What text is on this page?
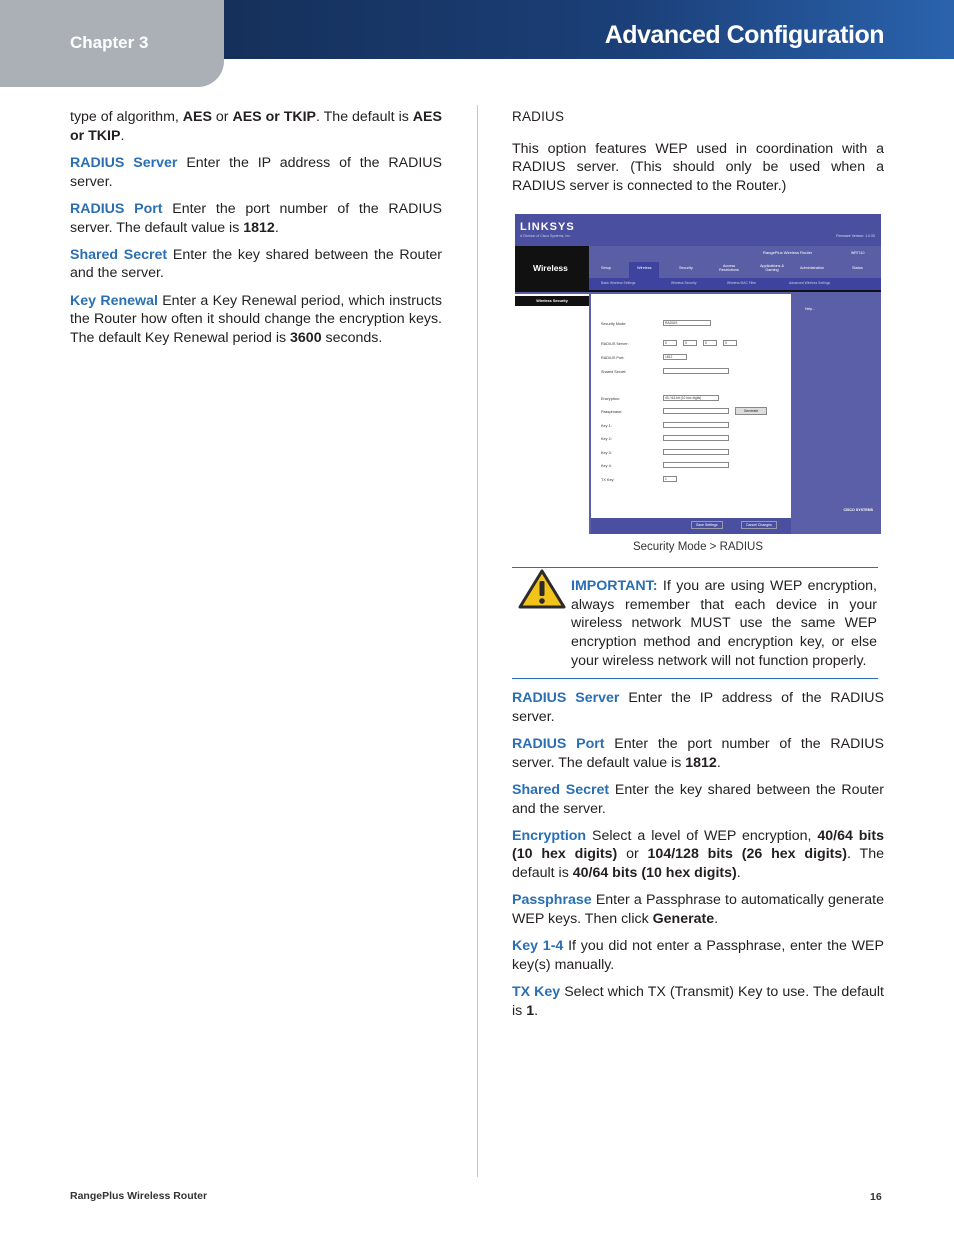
Chapter 3	Advanced Configuration

type of algorithm, AES or AES or TKIP. The default is AES or TKIP.

RADIUS Server Enter the IP address of the RADIUS server.

RADIUS Port Enter the port number of the RADIUS server. The default value is 1812.

Shared Secret Enter the key shared between the Router and the server.

Key Renewal Enter a Key Renewal period, which instructs the Router how often it should change the encryption keys. The default Key Renewal period is 3600 seconds.

RADIUS

This option features WEP used in coordination with a RADIUS server. (This should only be used when a RADIUS server is connected to the Router.)

LINKSYS
A Division of Cisco Systems, Inc.	Firmware Version: 1.0.00
Wireless
RangePlus Wireless Router	WRT110
Setup	Wireless	Security	Access Restrictions
Applications & Gaming	Administration	Status
Basic Wireless Settings	Wireless Security	Wireless MAC Filter	Advanced Wireless Settings
Wireless Security
Help...
Security Mode:	RADIUS
RADIUS Server:	0	0	0	0
RADIUS Port:	1812
Shared Secret:
Encryption:	40 / 64-bit (10 hex digits)
Passphrase:	Generate
Key 1:
Key 2:
Key 3:
Key 4:
TX Key:	1
Save Settings	Cancel Changes
CISCO SYSTEMS
Security Mode > RADIUS
IMPORTANT: If you are using WEP encryption, always remember that each device in your wireless network MUST use the same WEP encryption method and encryption key, or else your wireless network will not function properly.

RADIUS Server Enter the IP address of the RADIUS server.

RADIUS Port Enter the port number of the RADIUS server. The default value is 1812.

Shared Secret Enter the key shared between the Router and the server.

Encryption Select a level of WEP encryption, 40/64 bits (10 hex digits) or 104/128 bits (26 hex digits). The default is 40/64 bits (10 hex digits).

Passphrase Enter a Passphrase to automatically generate WEP keys. Then click Generate.

Key 1-4 If you did not enter a Passphrase, enter the WEP key(s) manually.

TX Key Select which TX (Transmit) Key to use. The default is 1.

RangePlus Wireless Router	16
